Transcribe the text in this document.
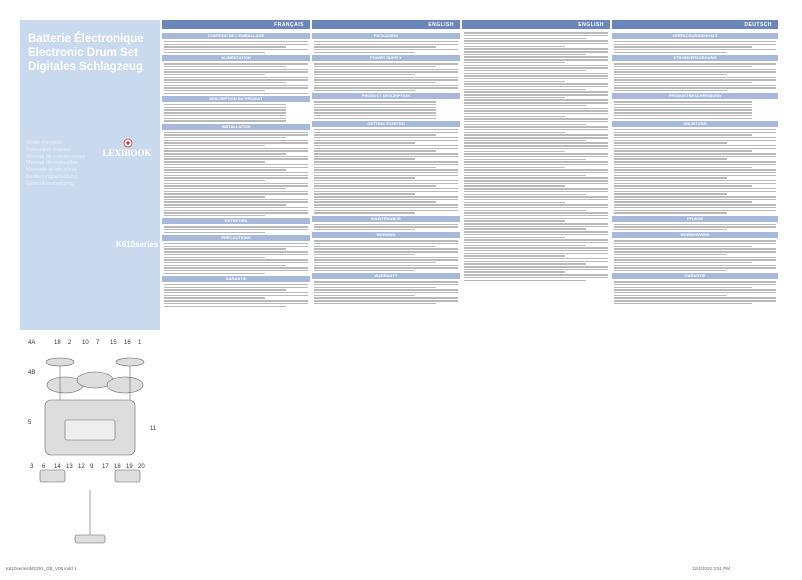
Batterie Électronique
Electronic Drum Set
Digitales Schlagzeug
Mode d'emploi
Instruction manual
Manual de instrucciones
Manual de instruções
Manuale di istruzioni
Bedienungsanleitung
Gebruiksaanwijzing
LEXIBOOK
K610series
FRANÇAIS
CONTENU DE L'EMBALLAGE
ALIMENTATION
DESCRIPTION DU PRODUIT
INSTALLATION
ENTRETIEN
PRÉCAUTIONS
GARANTIE
ENGLISH
PACKAGING
POWER SUPPLY
PRODUCT DESCRIPTION
GETTING STARTED
MAINTENANCE
WARNING
WARRANTY
ENGLISH	DEUTSCH
VERPACKUNGSINHALT
STROMVERSORGUNG
PRODUKTBESCHREIBUNG
ANLEITUNG
PFLEGE
WARNHINWEIS
GARANTIE
4A
4B
5
18 2 10 7 15 16 1
11
3 6 14 13 12 9 17 18 19 20
K610seriesIM2291_GB_V06.indd 1	12/4/2020 3:51 PM
